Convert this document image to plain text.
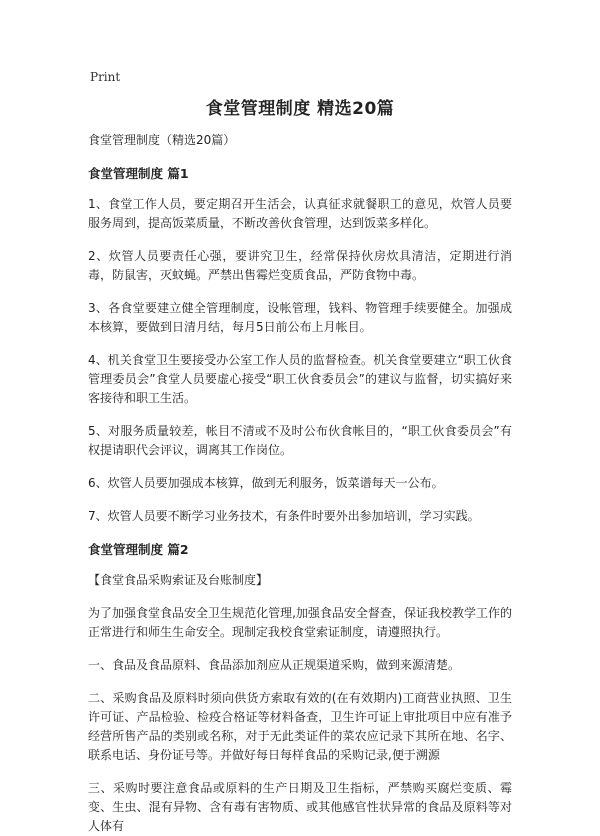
Print
食堂管理制度 精选20篇
食堂管理制度（精选20篇）
食堂管理制度 篇1

1、食堂工作人员，要定期召开生活会，认真征求就餐职工的意见，炊管人员要服务周到，提高饭菜质量，不断改善伙食管理，达到饭菜多样化。

2、炊管人员要责任心强，要讲究卫生，经常保持伙房炊具清洁，定期进行消毒，防鼠害，灭蚊蝇。严禁出售霉烂变质食品，严防食物中毒。

3、各食堂要建立健全管理制度，设帐管理，钱料、物管理手续要健全。加强成本核算，要做到日清月结，每月5日前公布上月帐目。

4、机关食堂卫生要接受办公室工作人员的监督检查。机关食堂要建立“职工伙食管理委员会”食堂人员要虚心接受“职工伙食委员会”的建议与监督，切实搞好来客接待和职工生活。

5、对服务质量较差，帐目不清或不及时公布伙食帐目的，“职工伙食委员会”有权提请职代会评议，调离其工作岗位。

6、炊管人员要加强成本核算，做到无利服务，饭菜谱每天一公布。

7、炊管人员要不断学习业务技术，有条件时要外出参加培训，学习实践。

食堂管理制度 篇2

【食堂食品采购索证及台账制度】

为了加强食堂食品安全卫生规范化管理,加强食品安全督查，保证我校教学工作的正常进行和师生生命安全。现制定我校食堂索证制度，请遵照执行。

一、食品及食品原料、食品添加剂应从正规渠道采购，做到来源清楚。

二、采购食品及原料时须向供货方索取有效的(在有效期内)工商营业执照、卫生许可证、产品检验、检疫合格证等材料备查，卫生许可证上审批项目中应有准予经营所售产品的类别或名称，对于无此类证件的菜农应记录下其所在地、名字、联系电话、身份证号等。并做好每日每样食品的采购记录,便于溯源

三、采购时要注意食品或原料的生产日期及卫生指标，严禁购买腐烂变质、霉变、生虫、混有异物、含有毒有害物质、或其他感官性状异常的食品及原料等对人体有
